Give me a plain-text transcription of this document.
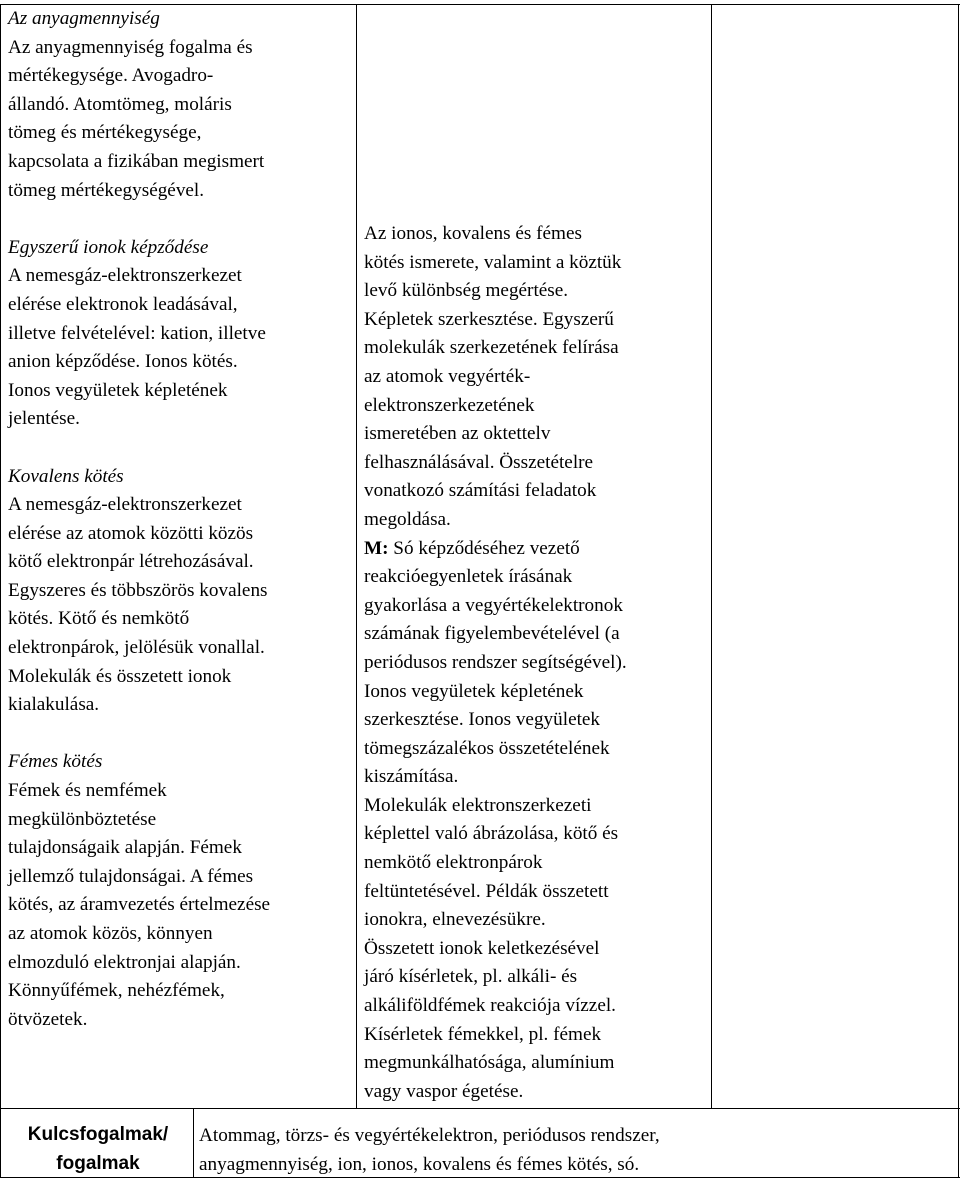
Az anyagmennyiség
Az anyagmennyiség fogalma és
mértékegysége. Avogadro-
állandó. Atomtömeg, moláris
tömeg és mértékegysége,
kapcsolata a fizikában megismert
tömeg mértékegységével.
Egyszerű ionok képződése
A nemesgáz-elektronszerkezet
elérése elektronok leadásával,
illetve felvételével: kation, illetve
anion képződése. Ionos kötés.
Ionos vegyületek képletének
jelentése.
Kovalens kötés
A nemesgáz-elektronszerkezet
elérése az atomok közötti közös
kötő elektronpár létrehozásával.
Egyszeres és többszörös kovalens
kötés. Kötő és nemkötő
elektronpárok, jelölésük vonallal.
Molekulák és összetett ionok
kialakulása.
Fémes kötés
Fémek és nemfémek
megkülönböztetése
tulajdonságaik alapján. Fémek
jellemző tulajdonságai. A fémes
kötés, az áramvezetés értelmezése
az atomok közös, könnyen
elmozduló elektronjai alapján.
Könnyűfémek, nehézfémek,
ötvözetek.
Az ionos, kovalens és fémes
kötés ismerete, valamint a köztük
levő különbség megértése.
Képletek szerkesztése. Egyszerű
molekulák szerkezetének felírása
az atomok vegyérték-
elektronszerkezetének
ismeretében az oktettelv
felhasználásával. Összetételre
vonatkozó számítási feladatok
megoldása.
M: Só képződéséhez vezető
reakcióegyenletek írásának
gyakorlása a vegyértékelektronok
számának figyelembevételével (a
periódusos rendszer segítségével).
Ionos vegyületek képletének
szerkesztése. Ionos vegyületek
tömegszázalékos összetételének
kiszámítása.
Molekulák elektronszerkezeti
képlettel való ábrázolása, kötő és
nemkötő elektronpárok
feltüntetésével. Példák összetett
ionokra, elnevezésükre.
Összetett ionok keletkezésével
járó kísérletek, pl. alkáli- és
alkáliföldfémek reakciója vízzel.
Kísérletek fémekkel, pl. fémek
megmunkálhatósága, alumínium
vagy vaspor égetése.
Kulcsfogalmak/
fogalmak
Atommag, törzs- és vegyértékelektron, periódusos rendszer,
anyagmennyiség, ion, ionos, kovalens és fémes kötés, só.
